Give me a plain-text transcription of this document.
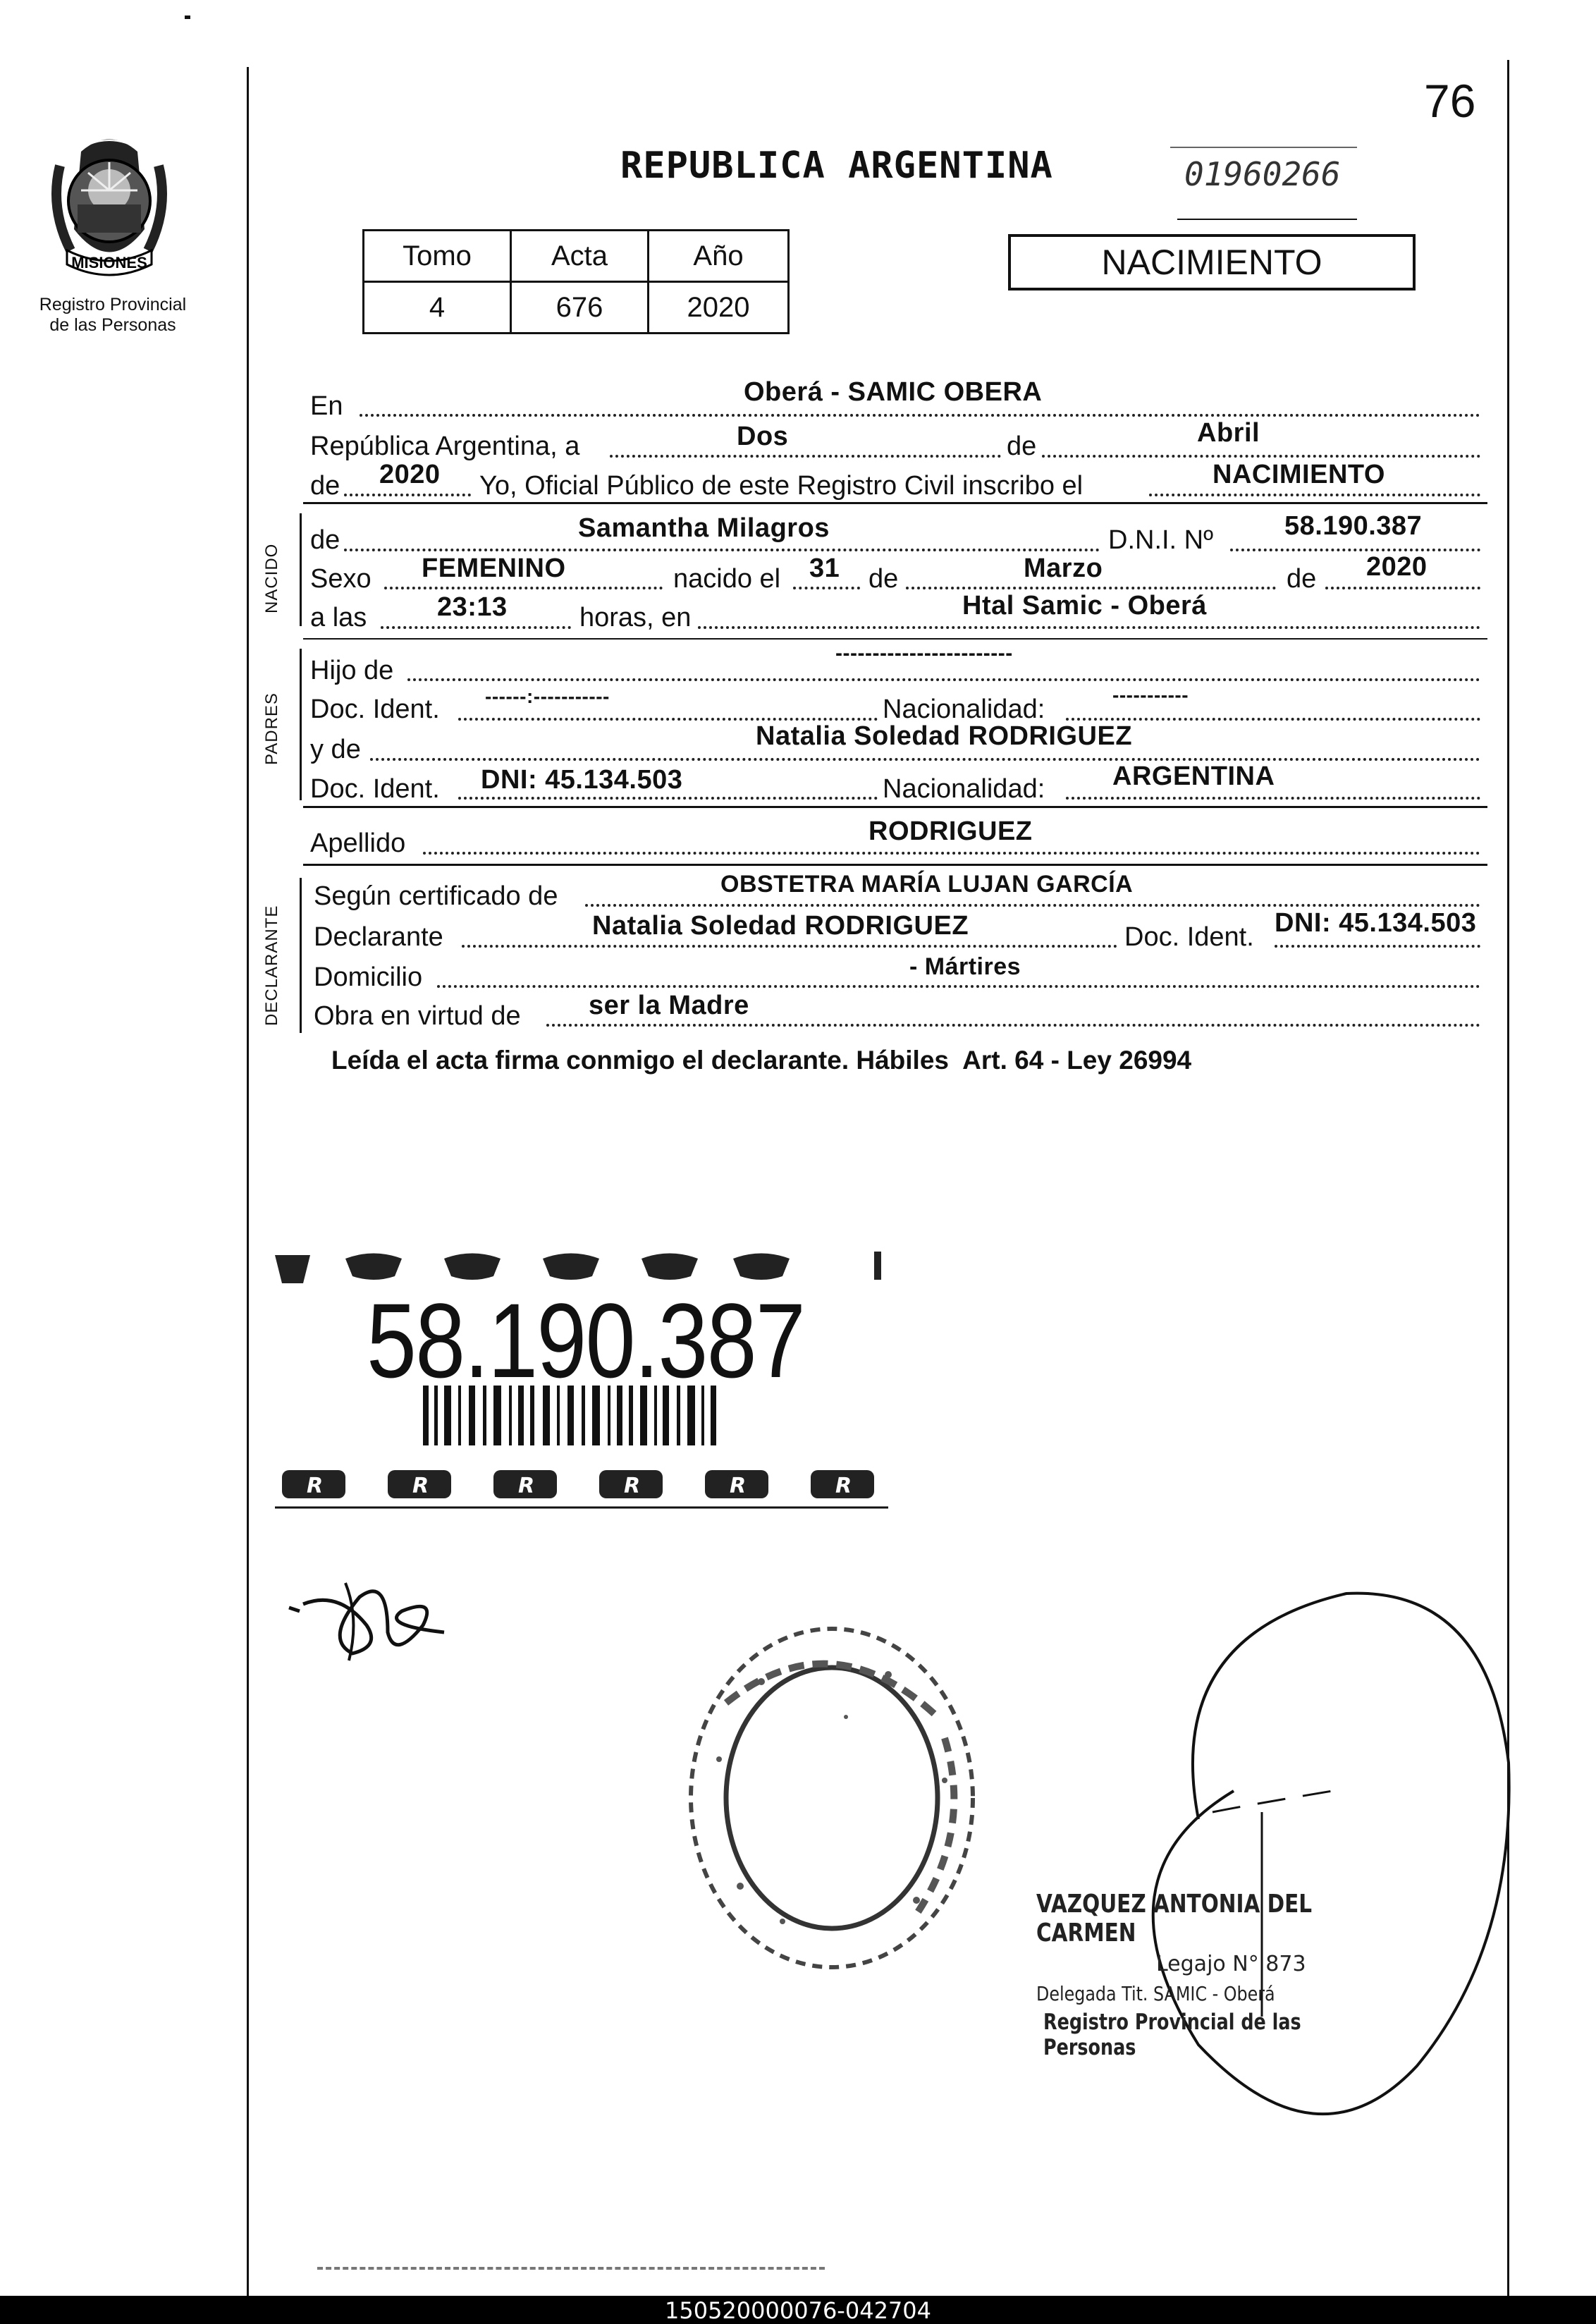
76
MISIONES
Registro Provincial
de las Personas
REPUBLICA ARGENTINA	01960266
Tomo	Acta	Año
4	676	2020
NACIMIENTO
En	Oberá - SAMIC OBERA
República Argentina, a	Dos	de	Abril
de 2020 Yo, Oficial Público de este Registro Civil inscribo el	NACIMIENTO
NACIDO
de	Samantha Milagros	D.N.I. Nº	58.190.387
Sexo FEMENINO	nacido el 31 de	Marzo	de 2020
a las	23:13	horas, en	Htal Samic - Oberá
PADRES
Hijo de
------------------------
Doc. Ident. ------:-----------	Nacionalidad:	-----------
y de	Natalia Soledad RODRIGUEZ
Doc. Ident. DNI: 45.134.503	Nacionalidad:	ARGENTINA
Apellido	RODRIGUEZ
DECLARANTE
Según certificado de	OBSTETRA MARÍA LUJAN GARCÍA
Declarante	Natalia Soledad RODRIGUEZ	Doc. Ident. DNI: 45.134.503
Domicilio	- Mártires
Obra en virtud de	ser la Madre
Leída el acta firma conmigo el declarante. Hábiles  Art. 64 - Ley 26994
R	R	R	R	R	R
58.190.387
VAZQUEZ ANTONIA DEL CARMEN
Legajo N° 873
Delegada Tit. SAMIC - Oberá
Registro Provincial de las Personas
150520000076-042704
